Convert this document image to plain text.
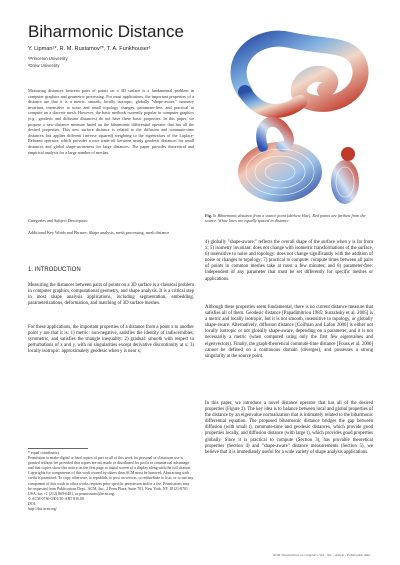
Biharmonic Distance
Y. Lipman¹*, R. M. Rustamov²*, T. A. Funkhouser¹
¹Princeton University
²Drew University
Measuring distances between pairs of points on a 3D surface is a fundamental problem in computer graphics and geometric processing. For most applications, the important properties of a distance are that it is a metric, smooth, locally isotropic, globally "shape-aware," isometry invariant, insensitive to noise and small topology changes, parameter-free, and practical to compute on a discrete mesh. However, the basic methods currently popular in computer graphics (e.g., geodesic and diffusion distances) do not have these basic properties. In this paper, we propose a new distance measure based on the biharmonic differential operator that has all the desired properties. This new surface distance is related to the diffusion and commute-time distances, but applies different (inverse squared) weighting to the eigenvalues of the Laplace-Beltrami operator, which provides a nice trade-off between nearly geodesic distances for small distances and global shape-awareness for large distances. The paper provides theoretical and empirical analysis for a large number of meshes.
Categories and Subject Descriptors:
Additional Key Words and Phrases: Shape analysis, mesh processing, mesh distance
1. INTRODUCTION
Measuring the distances between pairs of points on a 3D surface is a classical problem in computer graphics, computational geometry, and shape analysis. It is a critical step in most shape analysis applications, including segmentation, embedding, parameterizations, deformation, and matching of 3D surface meshes.
For these applications, the important properties of a distance from a point x to another point y are that it is: 1) metric: non-negative, satisfies the identity of indiscernibles, symmetric, and satisfies the triangle inequality; 2) gradual: smooth with respect to perturbations of x and y, with no singularities except derivative discontinuity at x; 3) locally isotropic: approximately geodesic when y is near x;
* equal contributors.
Permission to make digital or hard copies of part or all of this work for personal or classroom use is granted without fee provided that copies are not made or distributed for profit or commercial advantage and that copies show this notice on the first page or initial screen of a display along with the full citation. Copyrights for components of this work owned by others than ACM must be honored. Abstracting with credit is permitted. To copy otherwise, to republish, to post on servers, to redistribute to lists, or to use any component of this work in other works requires prior specific permission and/or a fee. Permissions may be requested from Publications Dept., ACM, Inc., 2 Penn Plaza, Suite 701, New York, NY 10121-0701 USA, fax +1 (212) 869-0481, or permissions@acm.org.
© ACM 0730-0301/10-ART $10.00
DOI:
http://doi.acm.org/
Fig. 1: Biharmonic distance from a source point (darkest blue). Red points are farthest from the source. White lines are equally spaced in distance.
4) globally "shape-aware:" reflects the overall shape of the surface when y is far from x; 5) isometry invariant: does not change with isometric transformations of the surface, 6) insensitive to noise and topology: does not change significantly with the addition of noise or changes to topology; 7) practical to compute: compute times between all pairs of points in common meshes take at most a few minutes; and 8) parameter-free: independent of any parameter that must be set differently for specific meshes or applications.
Although these properties seem fundamental, there is no current distance measure that satisfies all of them. Geodesic distance [Papadimitriou 1985; Surazhsky et al. 2005] is a metric and locally isotropic, but it is not smooth, insensitive to topology, or globally shape-aware. Alternatively, diffusion distance [Coifman and Lafon 2006] is either not locally isotropic or not globally shape-aware, depending on a parameter, and it is not necessarily a metric (when computed using only the first few eigenvalues and eigenvectors). Finally, the graph-theoretical commute-time distance [Fouss et al. 2006] cannot be defined on a continuous domain (diverges), and possesses a strong singularity at the source point.
In this paper, we introduce a novel distance operator that has all of the desired properties (Figure 1). The key idea is to balance between local and global properties of the distance by an eigenvalue normalization that is intimately related to the biharmonic differential equation. The proposed biharmonic distance bridges the gap between diffusion (with small t), commute-time and geodesic distances, which provide good properties locally, and diffusion distance (with large t), which provides good properties globally. Since it is practical to compute (Section 3), has provable theoretical properties (Section 4) and "shape-aware" distance measurements (Section 5), we believe that it is immediately useful for a wide variety of shape analysis applications.
ACM Transactions on Graphics, Vol. , No. , Article , Publication date: .
